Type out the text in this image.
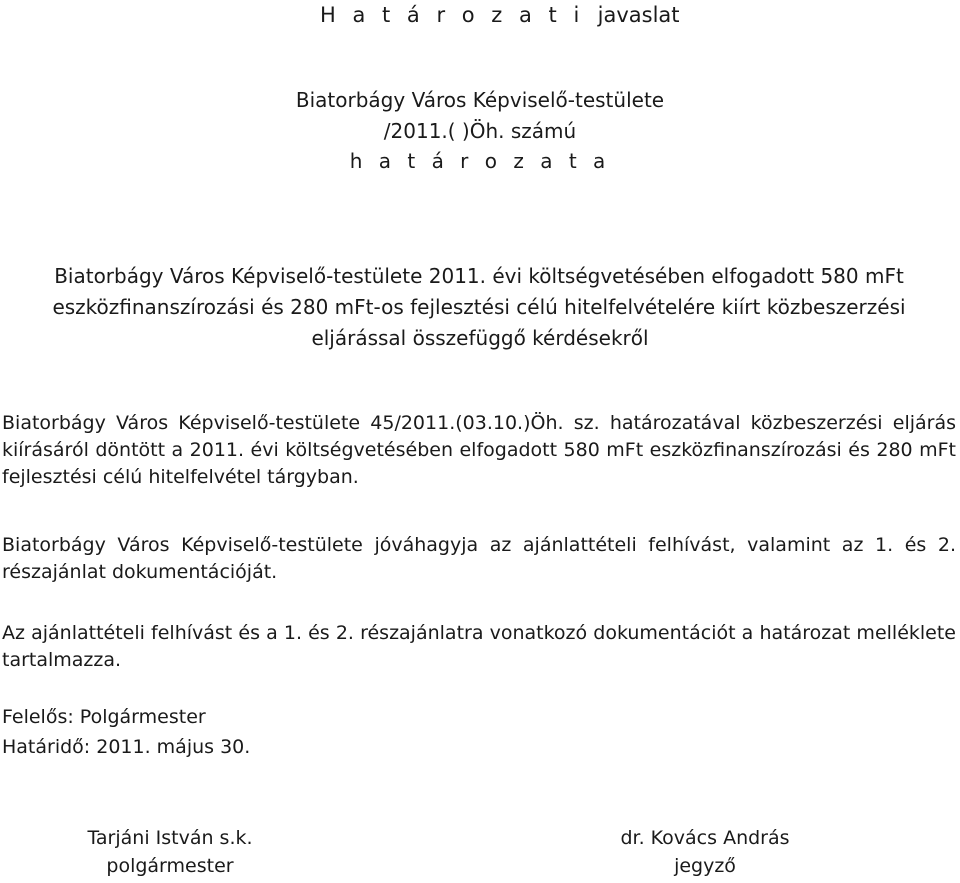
H a t á r o z a t i javaslat
Biatorbágy Város Képviselő-testülete
/2011.( )Öh. számú
h a t á r o z a t a
Biatorbágy Város Képviselő-testülete 2011. évi költségvetésében elfogadott 580 mFt
eszközfinanszírozási és 280 mFt-os fejlesztési célú hitelfelvételére kiírt közbeszerzési
eljárással összefüggő kérdésekről
Biatorbágy Város Képviselő-testülete 45/2011.(03.10.)Öh. sz. határozatával közbeszerzési eljárás kiírásáról döntött a 2011. évi költségvetésében elfogadott 580 mFt eszközfinanszírozási és 280 mFt fejlesztési célú hitelfelvétel tárgyban.
Biatorbágy Város Képviselő-testülete jóváhagyja az ajánlattételi felhívást, valamint az 1. és 2. részajánlat dokumentációját.
Az ajánlattételi felhívást és a 1. és 2. részajánlatra vonatkozó dokumentációt a határozat melléklete tartalmazza.
Felelős: Polgármester
Határidő: 2011. május 30.
Tarjáni István s.k.
polgármester
dr. Kovács András
jegyző
